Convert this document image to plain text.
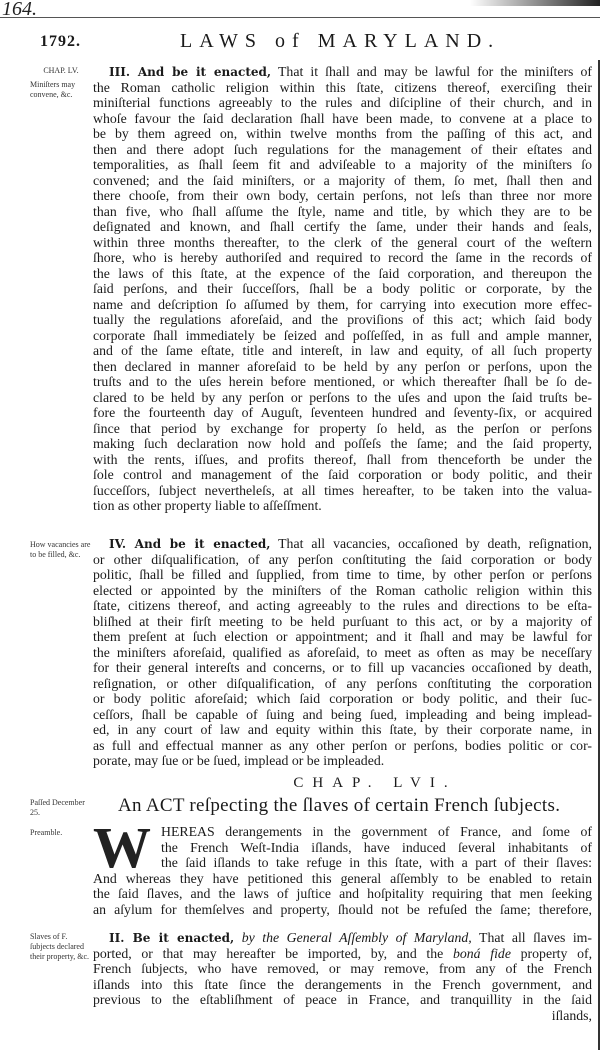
164.
1792.	LAWS of MARYLAND.
CHAP. LV.
Miniſters may convene, &c.
III. And be it enacted, That it ſhall and may be lawful for the miniſters of
the Roman catholic religion within this ſtate, citizens thereof, exerciſing their
miniſterial functions agreeably to the rules and diſcipline of their church, and in
whoſe favour the ſaid declaration ſhall have been made, to convene at a place to
be by them agreed on, within twelve months from the paſſing of this act, and
then and there adopt ſuch regulations for the management of their eſtates and
temporalities, as ſhall ſeem fit and adviſeable to a majority of the miniſters ſo
convened; and the ſaid miniſters, or a majority of them, ſo met, ſhall then and
there chooſe, from their own body, certain perſons, not leſs than three nor more
than five, who ſhall aſſume the ſtyle, name and title, by which they are to be
deſignated and known, and ſhall certify the ſame, under their hands and ſeals,
within three months thereafter, to the clerk of the general court of the weſtern
ſhore, who is hereby authoriſed and required to record the ſame in the records of
the laws of this ſtate, at the expence of the ſaid corporation, and thereupon the
ſaid perſons, and their ſucceſſors, ſhall be a body politic or corporate, by the
name and deſcription ſo aſſumed by them, for carrying into execution more effec-
tually the regulations aforeſaid, and the proviſions of this act; which ſaid body
corporate ſhall immediately be ſeized and poſſeſſed, in as full and ample manner,
and of the ſame eſtate, title and intereſt, in law and equity, of all ſuch property
then declared in manner aforeſaid to be held by any perſon or perſons, upon the
truſts and to the uſes herein before mentioned, or which thereafter ſhall be ſo de-
clared to be held by any perſon or perſons to the uſes and upon the ſaid truſts be-
fore the fourteenth day of Auguſt, ſeventeen hundred and ſeventy-ſix, or acquired
ſince that period by exchange for property ſo held, as the perſon or perſons
making ſuch declaration now hold and poſſeſs the ſame; and the ſaid property,
with the rents, iſſues, and profits thereof, ſhall from thenceforth be under the
ſole control and management of the ſaid corporation or body politic, and their
ſucceſſors, ſubject neverthelеſs, at all times hereafter, to be taken into the valua-
tion as other property liable to aſſeſſment.
How vacancies are to be filled, &c.
IV. And be it enacted, That all vacancies, occaſioned by death, reſignation,
or other diſqualification, of any perſon conſtituting the ſaid corporation or body
politic, ſhall be filled and ſupplied, from time to time, by other perſon or perſons
elected or appointed by the miniſters of the Roman catholic religion within this
ſtate, citizens thereof, and acting agreeably to the rules and directions to be eſta-
bliſhed at their firſt meeting to be held purſuant to this act, or by a majority of
them preſent at ſuch election or appointment; and it ſhall and may be lawful for
the miniſters aforeſaid, qualified as aforeſaid, to meet as often as may be neceſſary
for their general intereſts and concerns, or to fill up vacancies occaſioned by death,
reſignation, or other diſqualification, of any perſons conſtituting the corporation
or body politic aforeſaid; which ſaid corporation or body politic, and their ſuc-
ceſſors, ſhall be capable of ſuing and being ſued, impleading and being implead-
ed, in any court of law and equity within this ſtate, by their corporate name, in
as full and effectual manner as any other perſon or perſons, bodies politic or cor-
porate, may ſue or be ſued, implead or be impleaded.
CHAP. LVI.
Paſſed December 25.	An ACT reſpecting the ſlaves of certain French ſubjects.
Preamble. W HEREAS derangements in the government of France, and ſome of
the French Weſt-India iſlands, have induced ſeveral inhabitants of
the ſaid iſlands to take refuge in this ſtate, with a part of their ſlaves:
And whereas they have petitioned this general aſſembly to be enabled to retain
the ſaid ſlaves, and the laws of juſtice and hoſpitality requiring that men ſeeking
an aſylum for themſelves and property, ſhould not be refuſed the ſame; therefore,
Slaves of F. ſubjects declared their property, &c.
II. Be it enacted, by the General Aſſembly of Maryland, That all ſlaves im-
ported, or that may hereafter be imported, by, and the boná fide property of,
French ſubjects, who have removed, or may remove, from any of the French
iſlands into this ſtate ſince the derangements in the French government, and
previous to the eſtabliſhment of peace in France, and tranquillity in the ſaid
iſlands,
